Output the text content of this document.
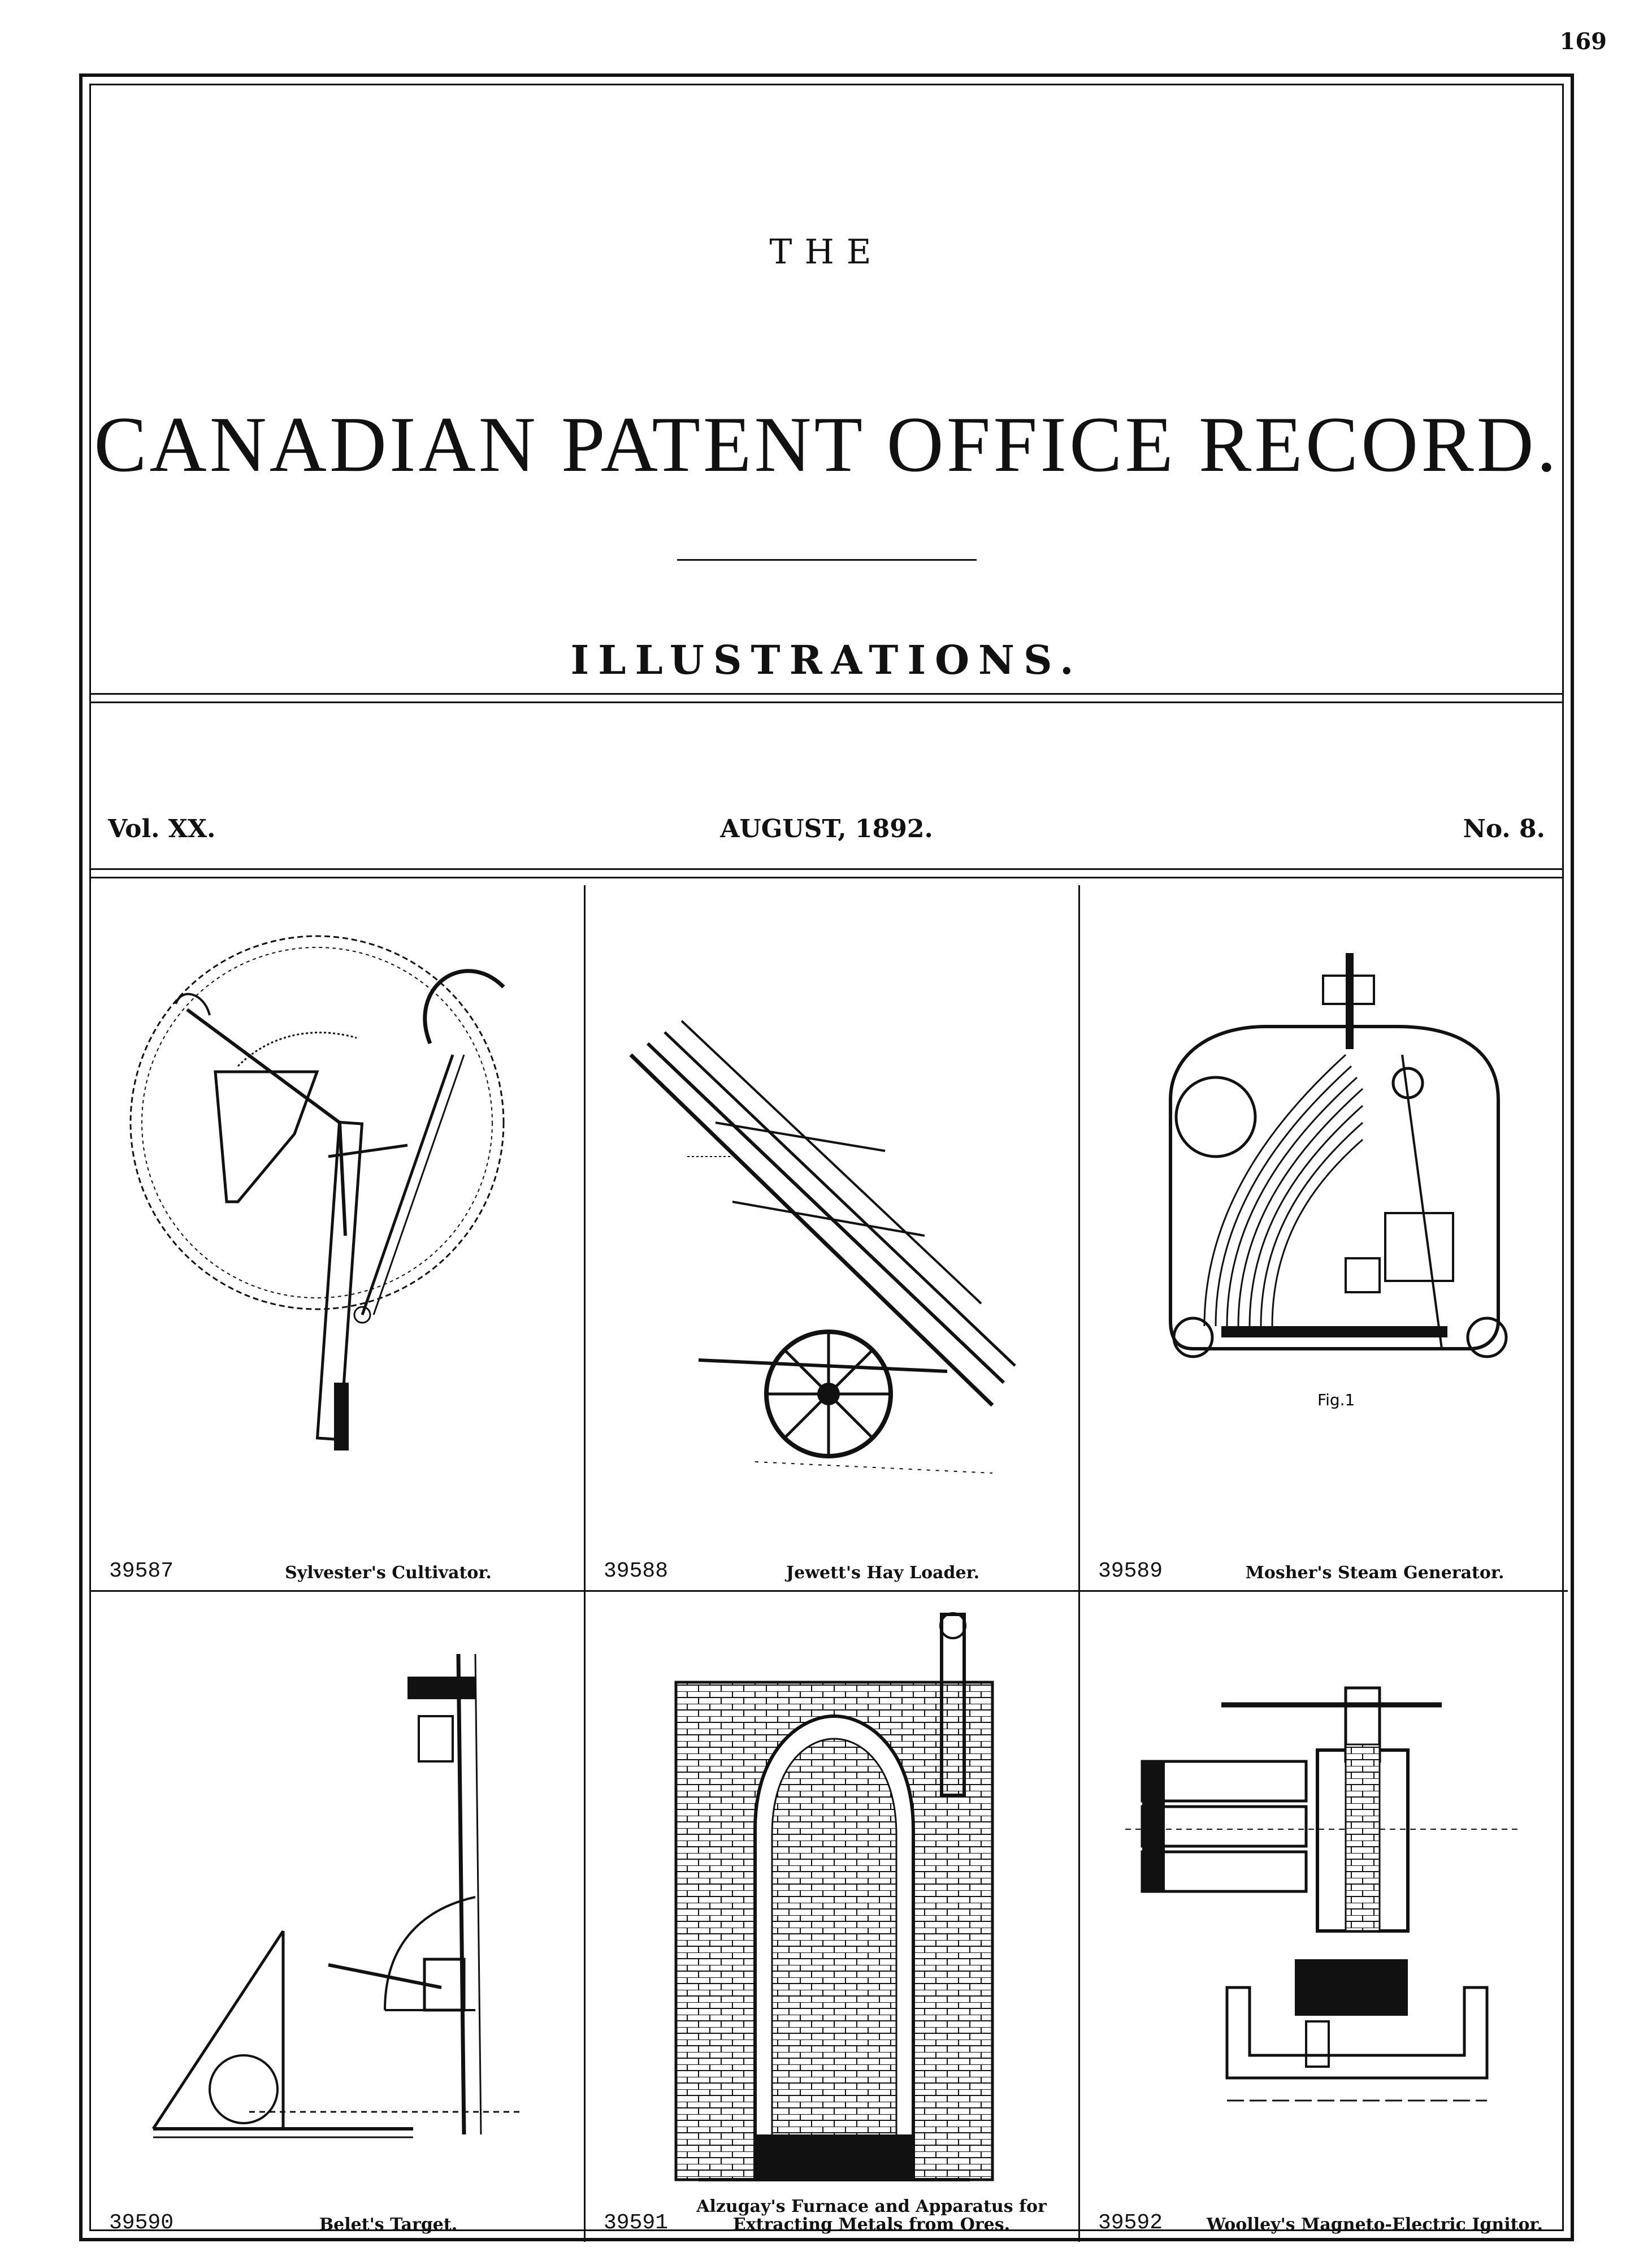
169
THE
CANADIAN PATENT OFFICE RECORD.
ILLUSTRATIONS.
Vol. XX.	AUGUST, 1892.	No. 8.
39587	Sylvester's Cultivator.	39588	Jewett's Hay Loader.
Fig.1
39589	Mosher's Steam Generator.
39590	Belet's Target.	39591
Alzugay's Furnace and Apparatus for Extracting Metals from Ores.	39592	Woolley's Magneto-Electric Ignitor.
